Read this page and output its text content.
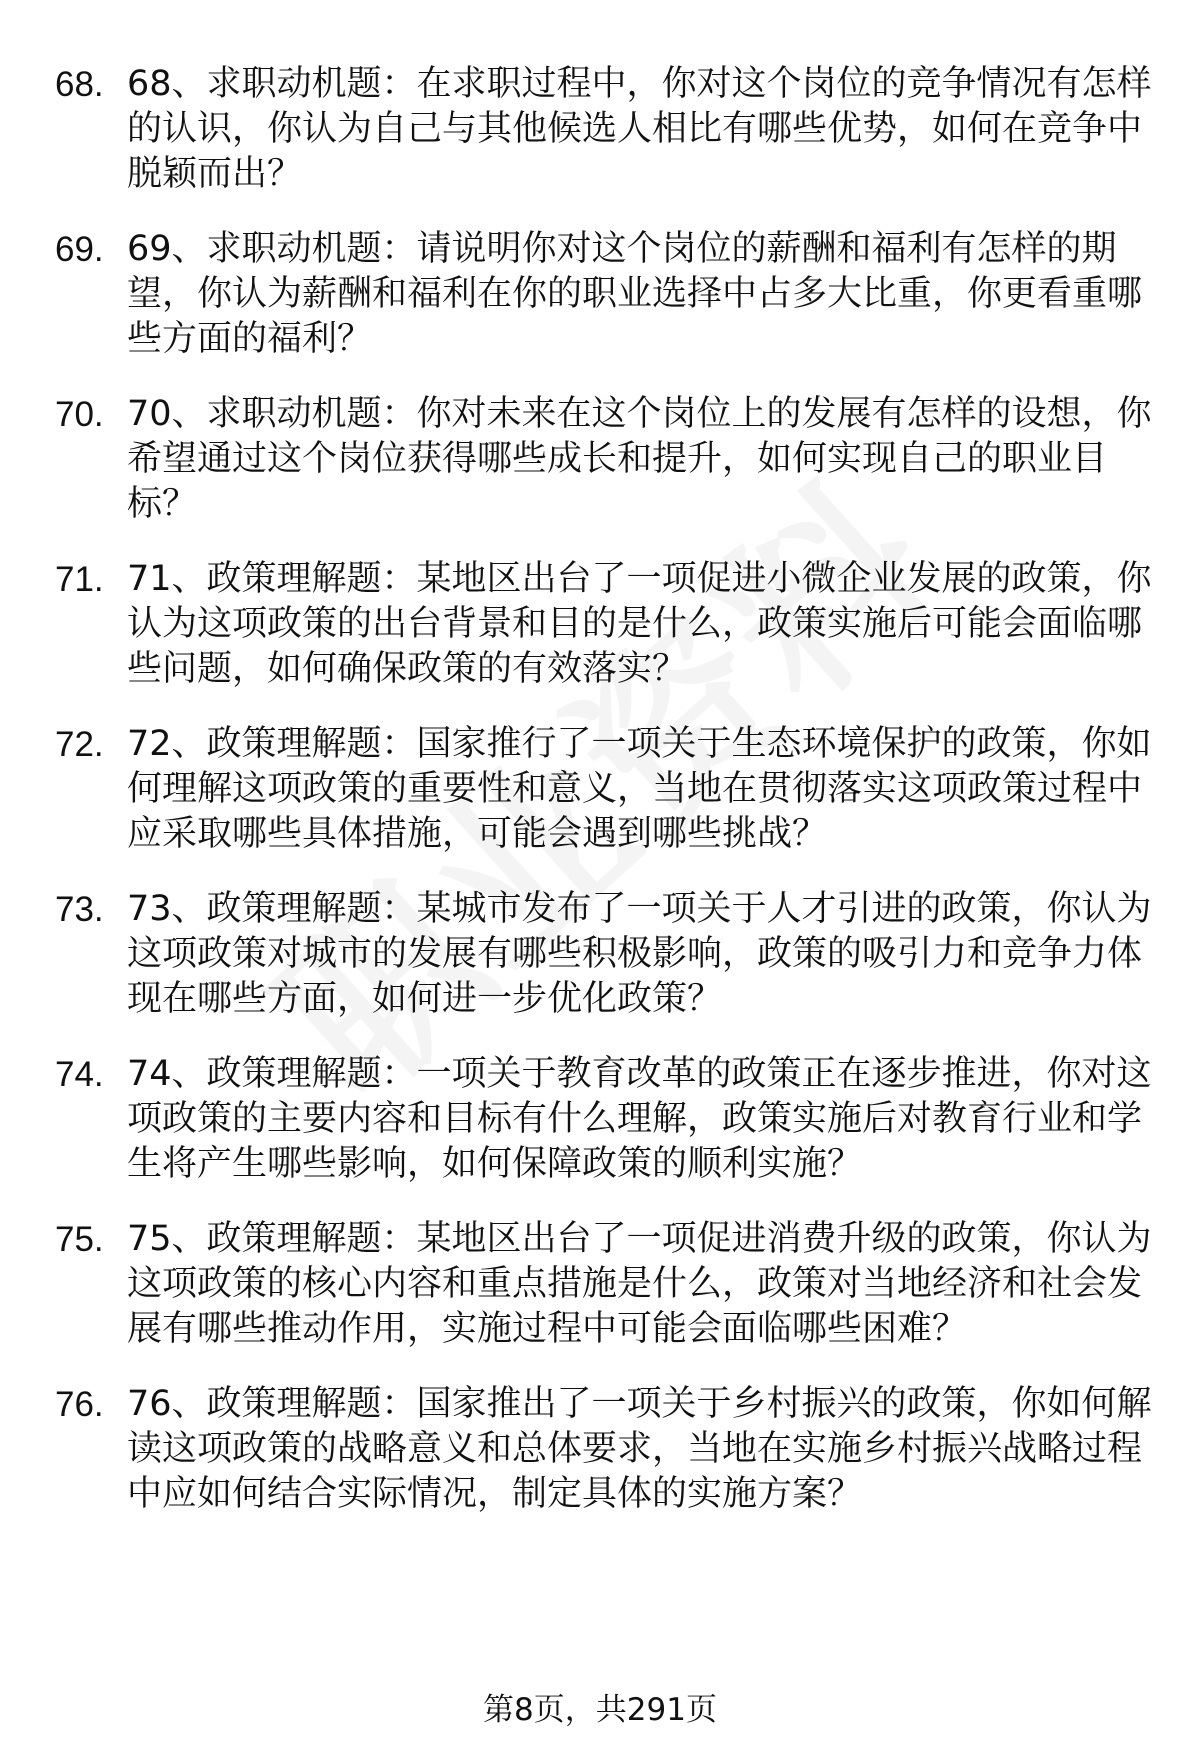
68. 68、求职动机题：在求职过程中，你对这个岗位的竞争情况有怎样的认识，你认为自己与其他候选人相比有哪些优势，如何在竞争中脱颖而出？
69. 69、求职动机题：请说明你对这个岗位的薪酬和福利有怎样的期望，你认为薪酬和福利在你的职业选择中占多大比重，你更看重哪些方面的福利？
70. 70、求职动机题：你对未来在这个岗位上的发展有怎样的设想，你希望通过这个岗位获得哪些成长和提升，如何实现自己的职业目标？
71. 71、政策理解题：某地区出台了一项促进小微企业发展的政策，你认为这项政策的出台背景和目的是什么，政策实施后可能会面临哪些问题，如何确保政策的有效落实？
72. 72、政策理解题：国家推行了一项关于生态环境保护的政策，你如何理解这项政策的重要性和意义，当地在贯彻落实这项政策过程中应采取哪些具体措施，可能会遇到哪些挑战？
73. 73、政策理解题：某城市发布了一项关于人才引进的政策，你认为这项政策对城市的发展有哪些积极影响，政策的吸引力和竞争力体现在哪些方面，如何进一步优化政策？
74. 74、政策理解题：一项关于教育改革的政策正在逐步推进，你对这项政策的主要内容和目标有什么理解，政策实施后对教育行业和学生将产生哪些影响，如何保障政策的顺利实施？
75. 75、政策理解题：某地区出台了一项促进消费升级的政策，你认为这项政策的核心内容和重点措施是什么，政策对当地经济和社会发展有哪些推动作用，实施过程中可能会面临哪些困难？
76. 76、政策理解题：国家推出了一项关于乡村振兴的政策，你如何解读这项政策的战略意义和总体要求，当地在实施乡村振兴战略过程中应如何结合实际情况，制定具体的实施方案？
第8页，共291页
